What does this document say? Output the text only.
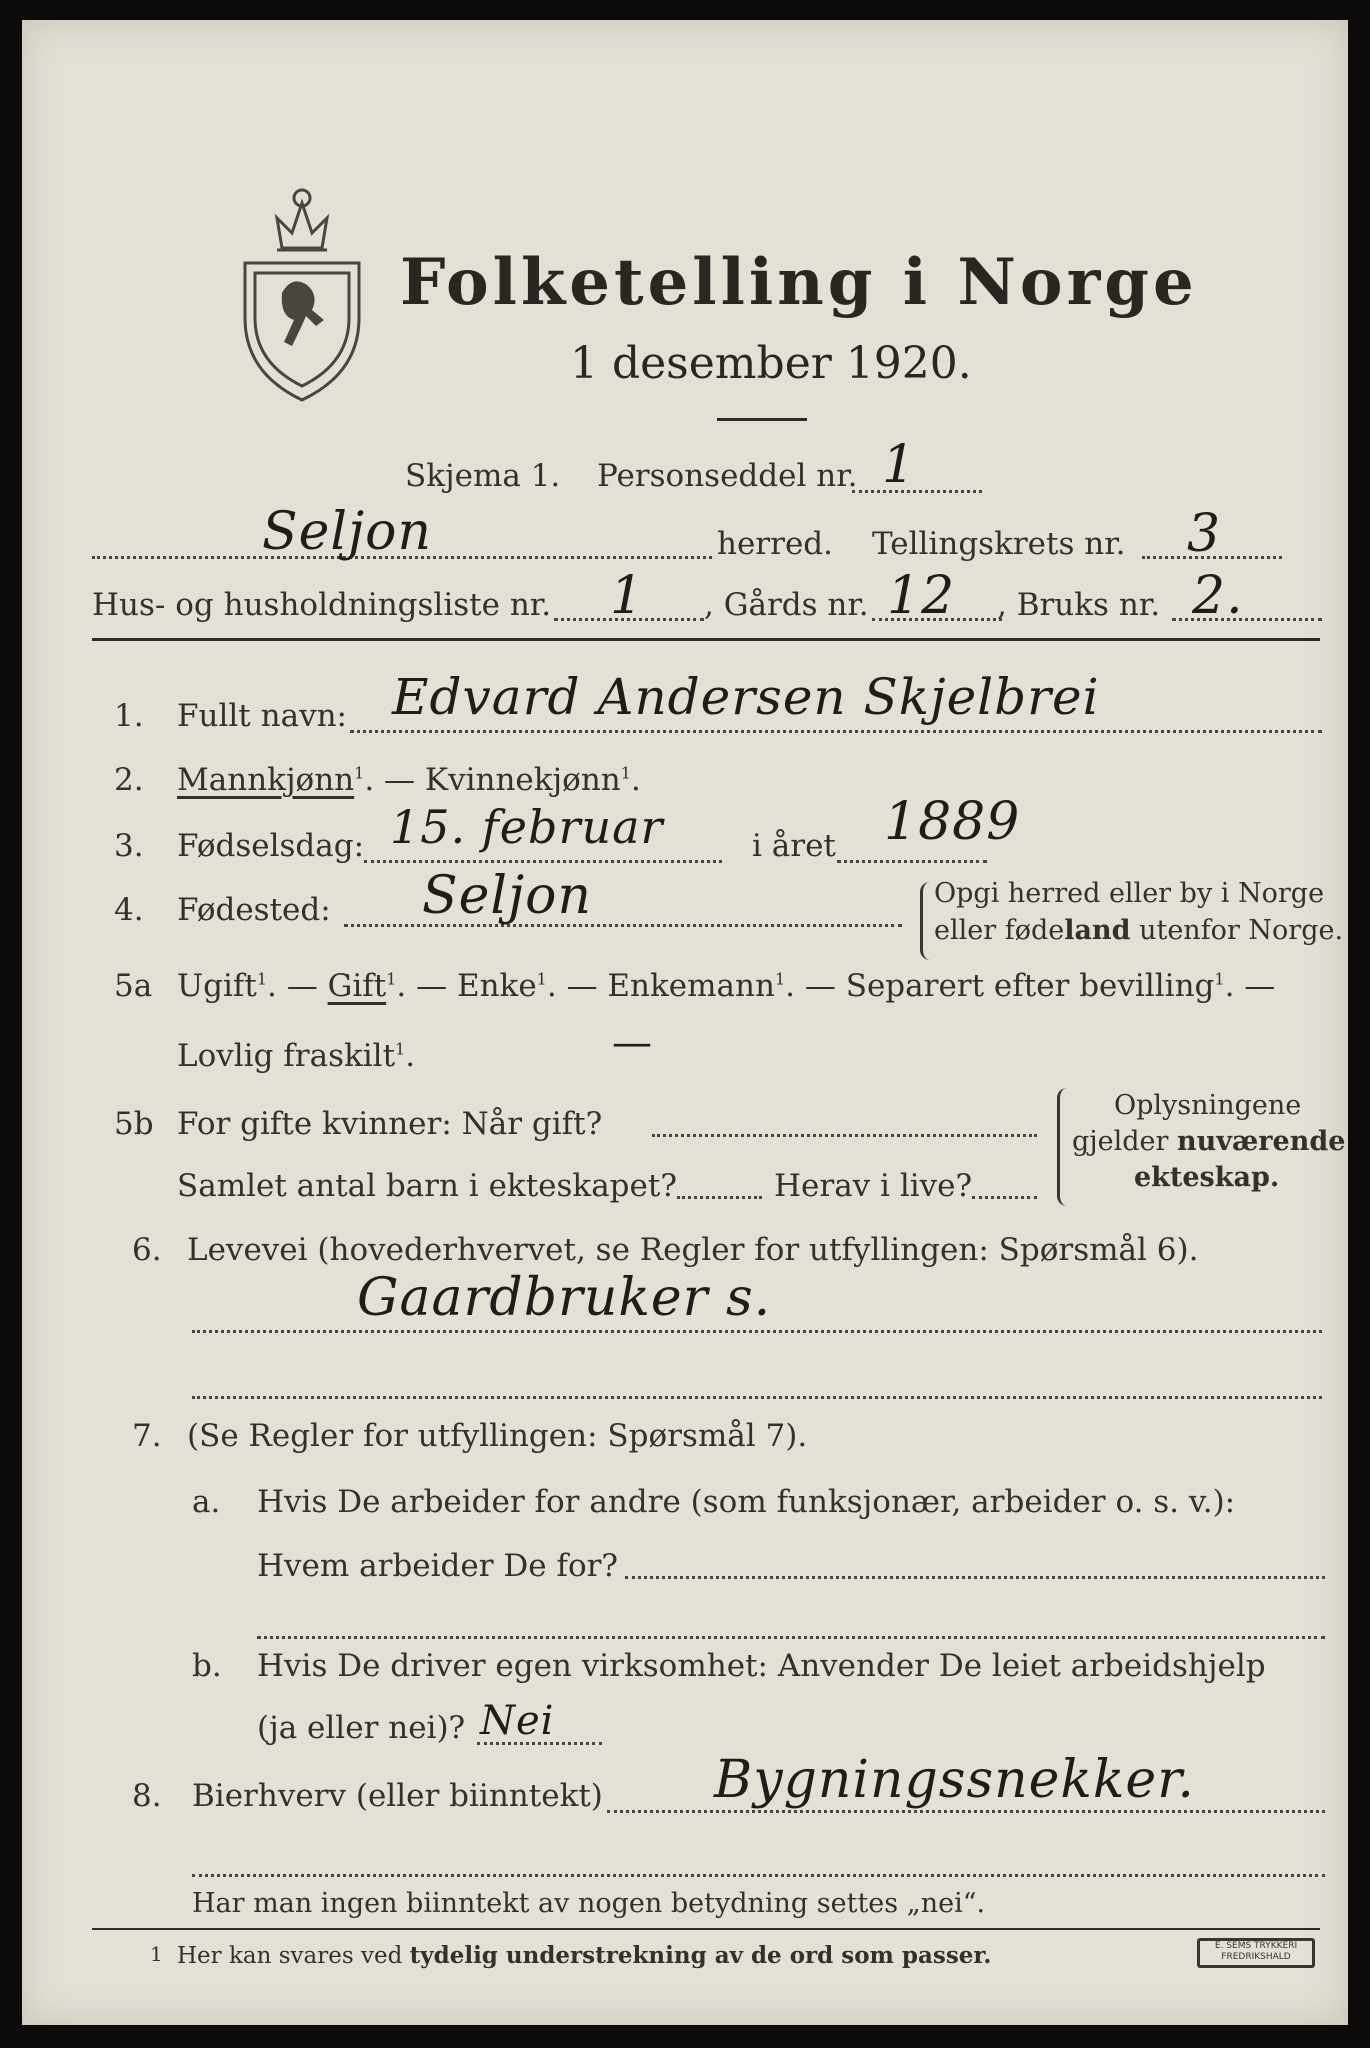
Folketelling i Norge
1 desember 1920.
Skjema 1. Personseddel nr. 1
Seljon	herred. Tellingskrets nr. 3
Hus- og husholdningsliste nr. 1 , Gårds nr. 12 , Bruks nr. 2.
1. Fullt navn: Edvard Andersen Skjelbrei
2. Mannkjønn$^1$. — Kvinnekjønn$^1$.
3. Fødselsdag: 15. februar	i året 1889
4. Fødested: Seljon	Opgi herred eller by i Norge
eller fødeland utenfor Norge.
5a Ugift$^1$. — Gift$^1$. — Enke$^1$. — Enkemann$^1$. — Separert efter bevilling$^1$. —
Lovlig fraskilt$^1$.	—
5b For gifte kvinner: Når gift?
Samlet antal barn i ekteskapet?	Herav i live?
Oplysningene
gjelder nuværende
ekteskap.
6. Levevei (hovederhvervet, se Regler for utfyllingen: Spørsmål 6).
Gaardbruker s.
7. (Se Regler for utfyllingen: Spørsmål 7).
a. Hvis De arbeider for andre (som funksjonær, arbeider o. s. v.):
Hvem arbeider De for?
b. Hvis De driver egen virksomhet: Anvender De leiet arbeidshjelp
(ja eller nei)? Nei
8. Bierhverv (eller biinntekt) Bygningssnekker.
Har man ingen biinntekt av nogen betydning settes „nei“.
1 Her kan svares ved tydelig understrekning av de ord som passer.	E. SEMS TRYKKERI FREDRIKSHALD
